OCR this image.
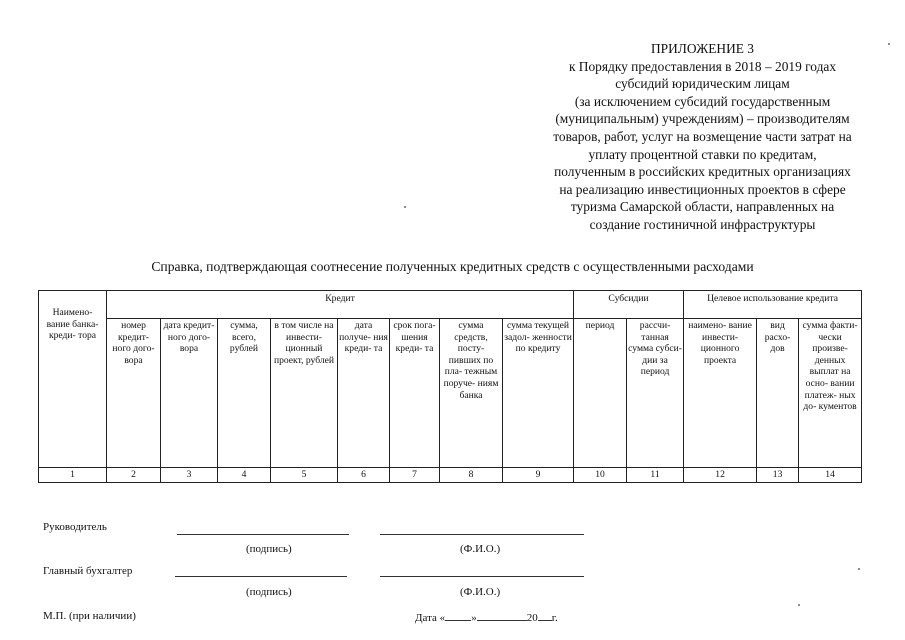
ПРИЛОЖЕНИЕ 3
к Порядку предоставления в 2018 – 2019 годах
субсидий юридическим лицам
(за исключением субсидий государственным
(муниципальным) учреждениям) – производителям
товаров, работ, услуг на возмещение части затрат на
уплату процентной ставки по кредитам,
полученным в российских кредитных организациях
на реализацию инвестиционных проектов в сфере
туризма Самарской области, направленных на
создание гостиничной инфраструктуры
Справка, подтверждающая соотнесение полученных кредитных средств с осуществленными расходами
Наимено- вание банка- креди- тора	Кредит								Субсидии		Целевое использование кредита		
	номер кредит- ного дого- вора	дата кредит- ного дого- вора	сумма, всего, рублей	в том числе на инвести- ционный проект, рублей	дата получе- ния креди- та	срок пога- шения креди- та	сумма средств, посту- пивших по пла- тежным поруче- ниям банка	сумма текущей задол- женности по кредиту	период	рассчи- танная сумма субси- дии за период	наимено- вание инвести- ционного проекта	вид расхо- дов	сумма факти- чески произве- денных выплат на осно- вании платеж- ных до- кументов
1	2	3	4	5	6	7	8	9	10	11	12	13	14
Руководитель
(подпись)	(Ф.И.О.)
Главный бухгалтер
(подпись)	(Ф.И.О.)
М.П. (при наличии)	Дата « »	20 г.
